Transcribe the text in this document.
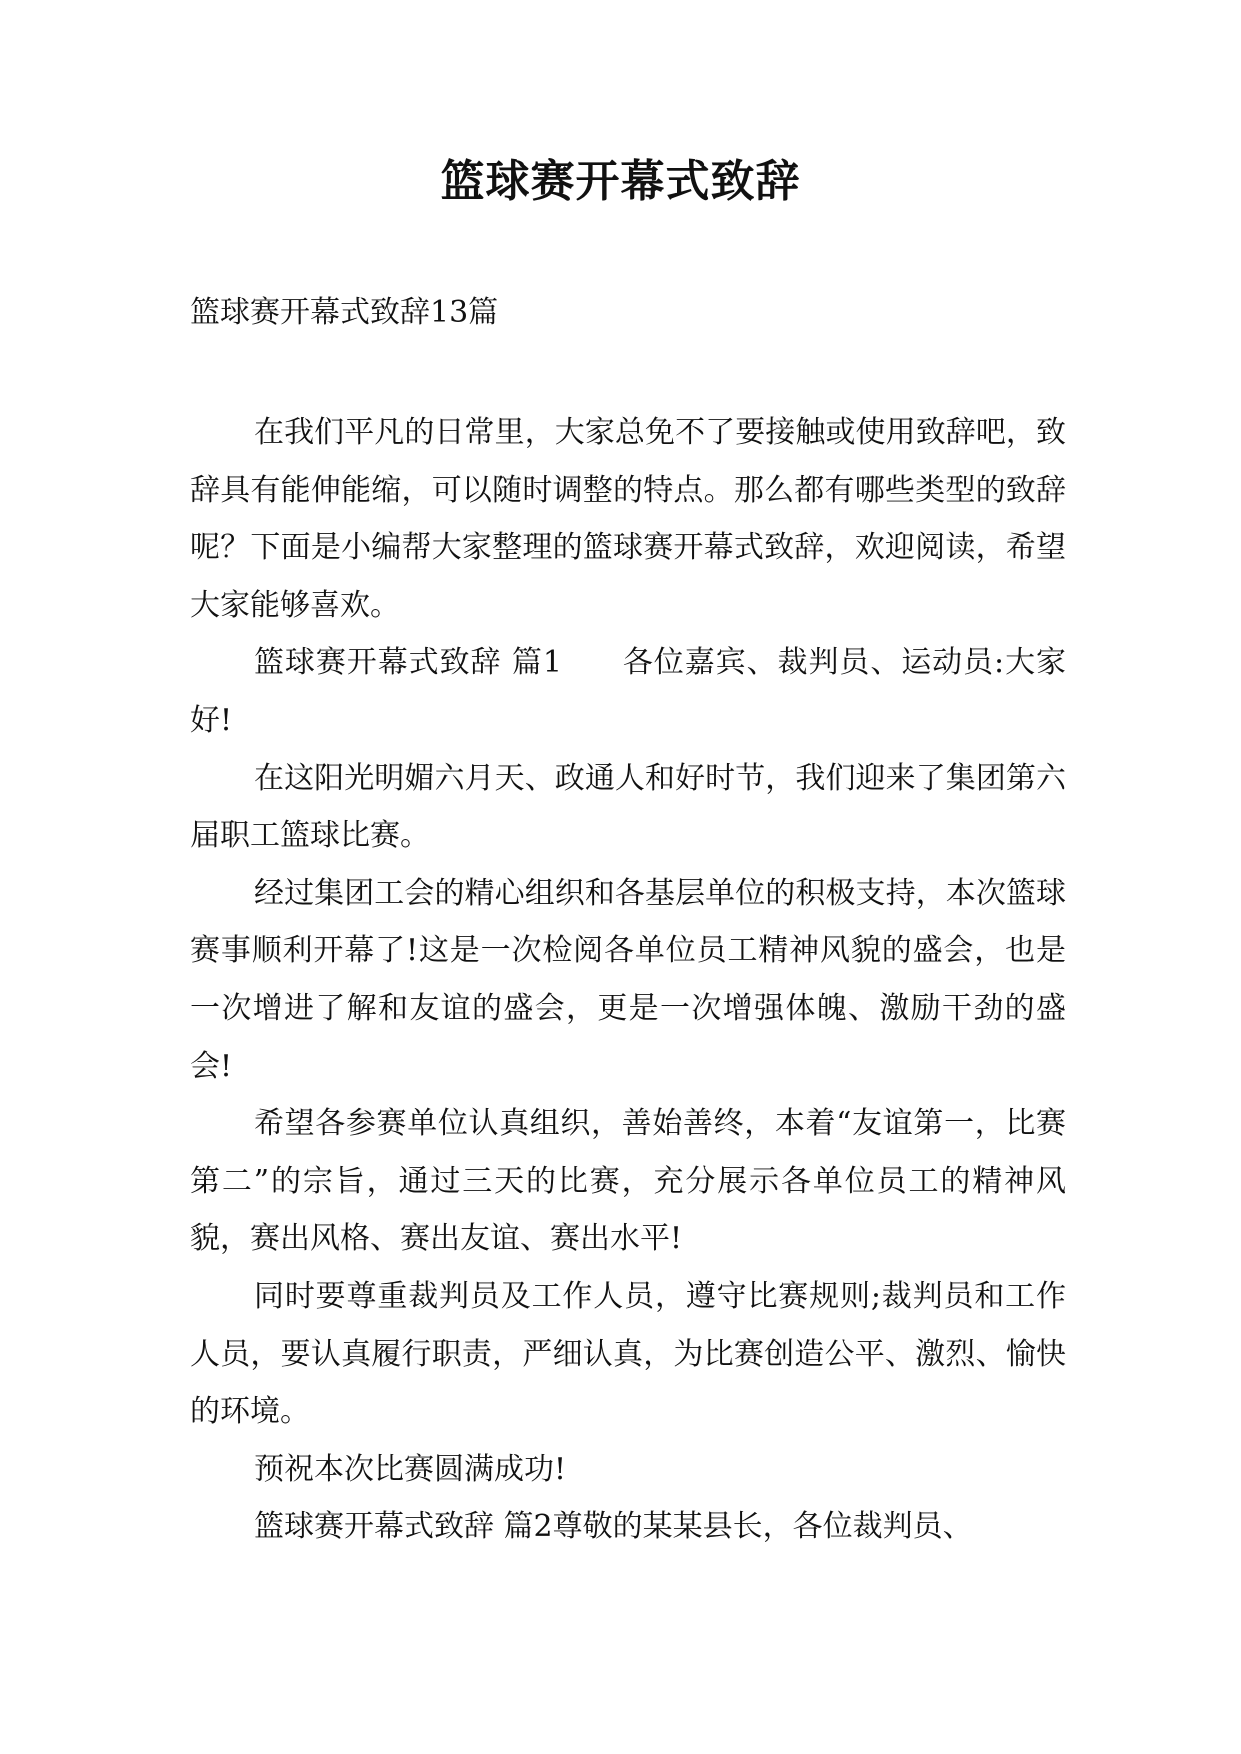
篮球赛开幕式致辞

篮球赛开幕式致辞13篇

在我们平凡的日常里，大家总免不了要接触或使用致辞吧，致辞具有能伸能缩，可以随时调整的特点。那么都有哪些类型的致辞呢？下面是小编帮大家整理的篮球赛开幕式致辞，欢迎阅读，希望大家能够喜欢。

篮球赛开幕式致辞 篇1 各位嘉宾、裁判员、运动员:大家好!

在这阳光明媚六月天、政通人和好时节，我们迎来了集团第六届职工篮球比赛。

经过集团工会的精心组织和各基层单位的积极支持，本次篮球赛事顺利开幕了!这是一次检阅各单位员工精神风貌的盛会，也是一次增进了解和友谊的盛会，更是一次增强体魄、激励干劲的盛会!

希望各参赛单位认真组织，善始善终，本着“友谊第一，比赛第二”的宗旨，通过三天的比赛，充分展示各单位员工的精神风貌，赛出风格、赛出友谊、赛出水平!

同时要尊重裁判员及工作人员，遵守比赛规则;裁判员和工作人员，要认真履行职责，严细认真，为比赛创造公平、激烈、愉快的环境。

预祝本次比赛圆满成功!

篮球赛开幕式致辞 篇2尊敬的某某县长，各位裁判员、
